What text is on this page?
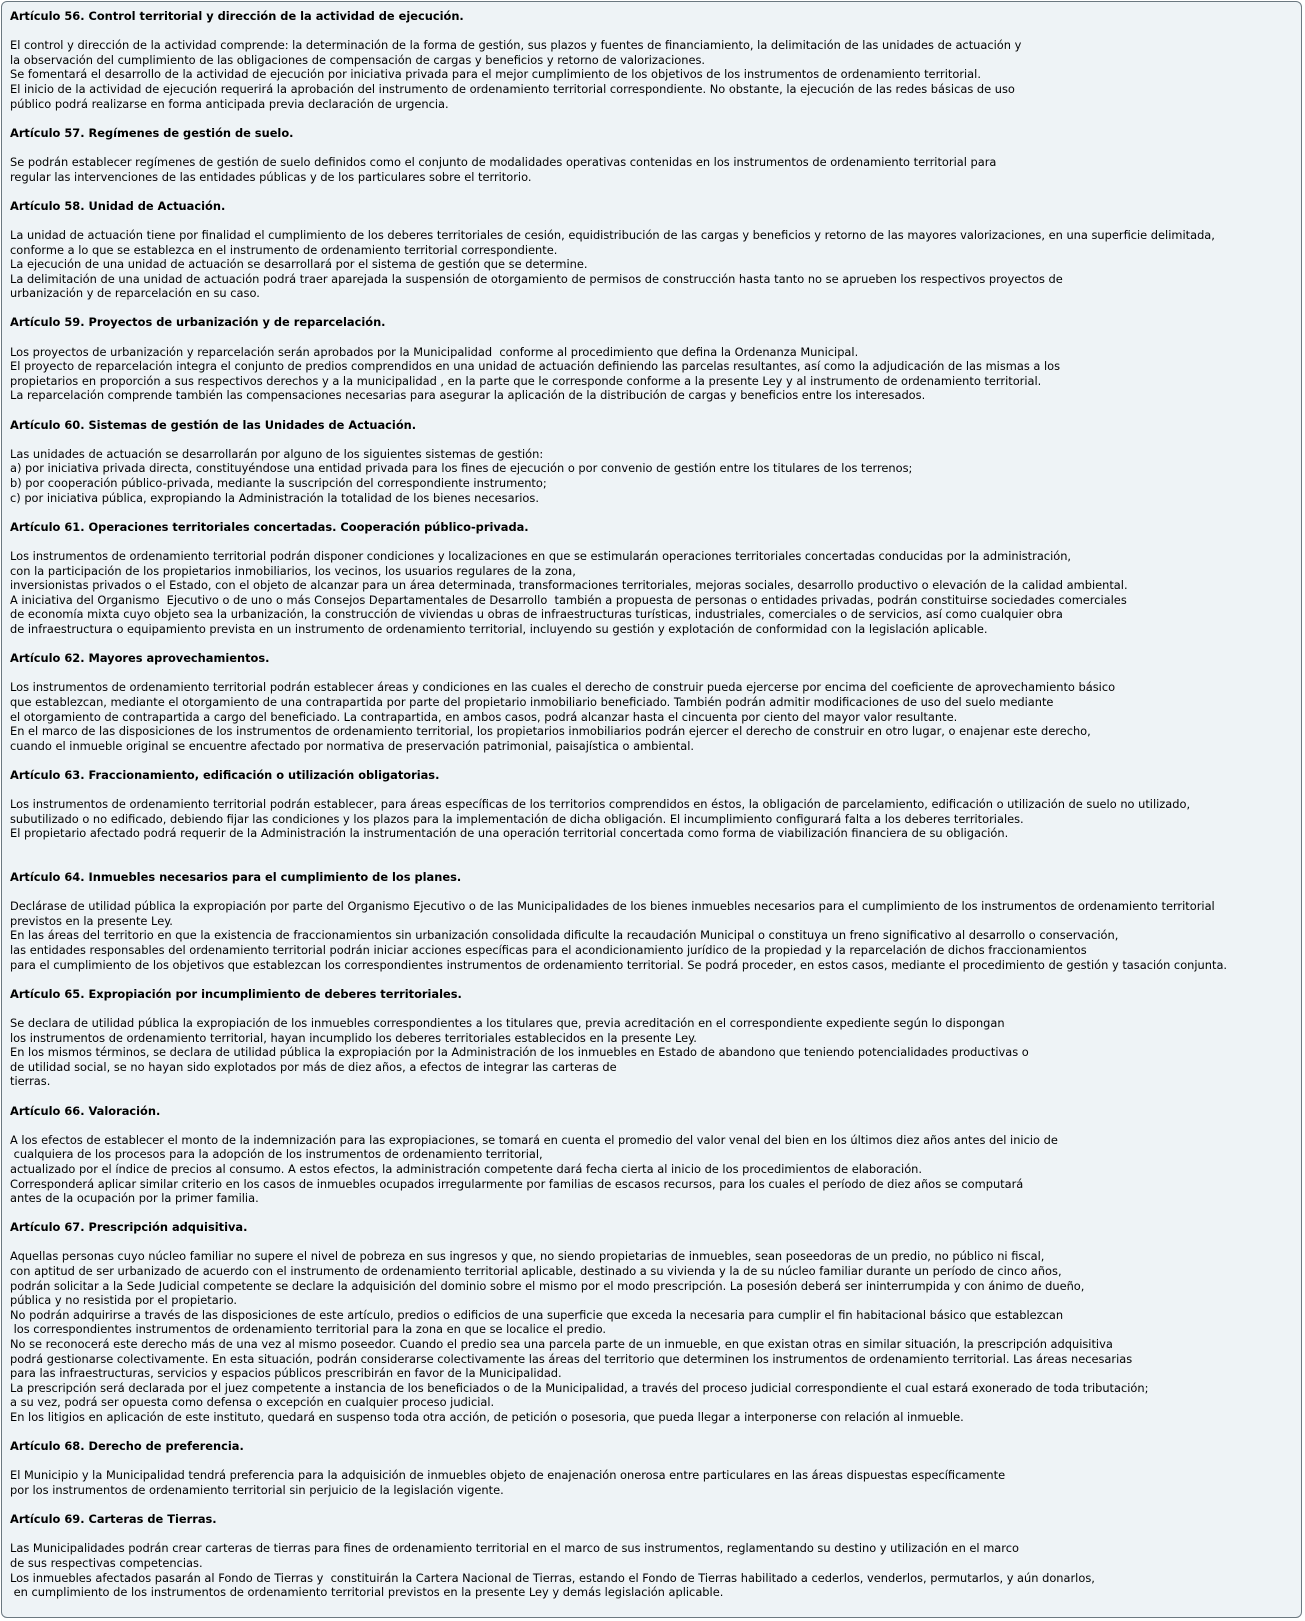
Artículo 56. Control territorial y dirección de la actividad de ejecución.
El control y dirección de la actividad comprende: la determinación de la forma de gestión, sus plazos y fuentes de financiamiento, la delimitación de las unidades de actuación y
la observación del cumplimiento de las obligaciones de compensación de cargas y beneficios y retorno de valorizaciones.
Se fomentará el desarrollo de la actividad de ejecución por iniciativa privada para el mejor cumplimiento de los objetivos de los instrumentos de ordenamiento territorial.
El inicio de la actividad de ejecución requerirá la aprobación del instrumento de ordenamiento territorial correspondiente. No obstante, la ejecución de las redes básicas de uso
público podrá realizarse en forma anticipada previa declaración de urgencia.
Artículo 57. Regímenes de gestión de suelo.
Se podrán establecer regímenes de gestión de suelo definidos como el conjunto de modalidades operativas contenidas en los instrumentos de ordenamiento territorial para
regular las intervenciones de las entidades públicas y de los particulares sobre el territorio.
Artículo 58. Unidad de Actuación.
La unidad de actuación tiene por finalidad el cumplimiento de los deberes territoriales de cesión, equidistribución de las cargas y beneficios y retorno de las mayores valorizaciones, en una superficie delimitada,
conforme a lo que se establezca en el instrumento de ordenamiento territorial correspondiente.
La ejecución de una unidad de actuación se desarrollará por el sistema de gestión que se determine.
La delimitación de una unidad de actuación podrá traer aparejada la suspensión de otorgamiento de permisos de construcción hasta tanto no se aprueben los respectivos proyectos de
urbanización y de reparcelación en su caso.
Artículo 59. Proyectos de urbanización y de reparcelación.
Los proyectos de urbanización y reparcelación serán aprobados por la Municipalidad  conforme al procedimiento que defina la Ordenanza Municipal.
El proyecto de reparcelación integra el conjunto de predios comprendidos en una unidad de actuación definiendo las parcelas resultantes, así como la adjudicación de las mismas a los
propietarios en proporción a sus respectivos derechos y a la municipalidad , en la parte que le corresponde conforme a la presente Ley y al instrumento de ordenamiento territorial.
La reparcelación comprende también las compensaciones necesarias para asegurar la aplicación de la distribución de cargas y beneficios entre los interesados.
Artículo 60. Sistemas de gestión de las Unidades de Actuación.
Las unidades de actuación se desarrollarán por alguno de los siguientes sistemas de gestión:
a) por iniciativa privada directa, constituyéndose una entidad privada para los fines de ejecución o por convenio de gestión entre los titulares de los terrenos;
b) por cooperación público-privada, mediante la suscripción del correspondiente instrumento;
c) por iniciativa pública, expropiando la Administración la totalidad de los bienes necesarios.
Artículo 61. Operaciones territoriales concertadas. Cooperación público-privada.
Los instrumentos de ordenamiento territorial podrán disponer condiciones y localizaciones en que se estimularán operaciones territoriales concertadas conducidas por la administración,
con la participación de los propietarios inmobiliarios, los vecinos, los usuarios regulares de la zona,
inversionistas privados o el Estado, con el objeto de alcanzar para un área determinada, transformaciones territoriales, mejoras sociales, desarrollo productivo o elevación de la calidad ambiental.
A iniciativa del Organismo  Ejecutivo o de uno o más Consejos Departamentales de Desarrollo  también a propuesta de personas o entidades privadas, podrán constituirse sociedades comerciales
de economía mixta cuyo objeto sea la urbanización, la construcción de viviendas u obras de infraestructuras turísticas, industriales, comerciales o de servicios, así como cualquier obra
de infraestructura o equipamiento prevista en un instrumento de ordenamiento territorial, incluyendo su gestión y explotación de conformidad con la legislación aplicable.
Artículo 62. Mayores aprovechamientos.
Los instrumentos de ordenamiento territorial podrán establecer áreas y condiciones en las cuales el derecho de construir pueda ejercerse por encima del coeficiente de aprovechamiento básico
que establezcan, mediante el otorgamiento de una contrapartida por parte del propietario inmobiliario beneficiado. También podrán admitir modificaciones de uso del suelo mediante
el otorgamiento de contrapartida a cargo del beneficiado. La contrapartida, en ambos casos, podrá alcanzar hasta el cincuenta por ciento del mayor valor resultante.
En el marco de las disposiciones de los instrumentos de ordenamiento territorial, los propietarios inmobiliarios podrán ejercer el derecho de construir en otro lugar, o enajenar este derecho,
cuando el inmueble original se encuentre afectado por normativa de preservación patrimonial, paisajística o ambiental.
Artículo 63. Fraccionamiento, edificación o utilización obligatorias.
Los instrumentos de ordenamiento territorial podrán establecer, para áreas específicas de los territorios comprendidos en éstos, la obligación de parcelamiento, edificación o utilización de suelo no utilizado,
subutilizado o no edificado, debiendo fijar las condiciones y los plazos para la implementación de dicha obligación. El incumplimiento configurará falta a los deberes territoriales.
El propietario afectado podrá requerir de la Administración la instrumentación de una operación territorial concertada como forma de viabilización financiera de su obligación.
Artículo 64. Inmuebles necesarios para el cumplimiento de los planes.
Declárase de utilidad pública la expropiación por parte del Organismo Ejecutivo o de las Municipalidades de los bienes inmuebles necesarios para el cumplimiento de los instrumentos de ordenamiento territorial
previstos en la presente Ley.
En las áreas del territorio en que la existencia de fraccionamientos sin urbanización consolidada dificulte la recaudación Municipal o constituya un freno significativo al desarrollo o conservación,
las entidades responsables del ordenamiento territorial podrán iniciar acciones específicas para el acondicionamiento jurídico de la propiedad y la reparcelación de dichos fraccionamientos
para el cumplimiento de los objetivos que establezcan los correspondientes instrumentos de ordenamiento territorial. Se podrá proceder, en estos casos, mediante el procedimiento de gestión y tasación conjunta.
Artículo 65. Expropiación por incumplimiento de deberes territoriales.
Se declara de utilidad pública la expropiación de los inmuebles correspondientes a los titulares que, previa acreditación en el correspondiente expediente según lo dispongan
los instrumentos de ordenamiento territorial, hayan incumplido los deberes territoriales establecidos en la presente Ley.
En los mismos términos, se declara de utilidad pública la expropiación por la Administración de los inmuebles en Estado de abandono que teniendo potencialidades productivas o
de utilidad social, se no hayan sido explotados por más de diez años, a efectos de integrar las carteras de
tierras.
Artículo 66. Valoración.
A los efectos de establecer el monto de la indemnización para las expropiaciones, se tomará en cuenta el promedio del valor venal del bien en los últimos diez años antes del inicio de
cualquiera de los procesos para la adopción de los instrumentos de ordenamiento territorial,
actualizado por el índice de precios al consumo. A estos efectos, la administración competente dará fecha cierta al inicio de los procedimientos de elaboración.
Corresponderá aplicar similar criterio en los casos de inmuebles ocupados irregularmente por familias de escasos recursos, para los cuales el período de diez años se computará
antes de la ocupación por la primer familia.
Artículo 67. Prescripción adquisitiva.
Aquellas personas cuyo núcleo familiar no supere el nivel de pobreza en sus ingresos y que, no siendo propietarias de inmuebles, sean poseedoras de un predio, no público ni fiscal,
con aptitud de ser urbanizado de acuerdo con el instrumento de ordenamiento territorial aplicable, destinado a su vivienda y la de su núcleo familiar durante un período de cinco años,
podrán solicitar a la Sede Judicial competente se declare la adquisición del dominio sobre el mismo por el modo prescripción. La posesión deberá ser ininterrumpida y con ánimo de dueño,
pública y no resistida por el propietario.
No podrán adquirirse a través de las disposiciones de este artículo, predios o edificios de una superficie que exceda la necesaria para cumplir el fin habitacional básico que establezcan
los correspondientes instrumentos de ordenamiento territorial para la zona en que se localice el predio.
No se reconocerá este derecho más de una vez al mismo poseedor. Cuando el predio sea una parcela parte de un inmueble, en que existan otras en similar situación, la prescripción adquisitiva
podrá gestionarse colectivamente. En esta situación, podrán considerarse colectivamente las áreas del territorio que determinen los instrumentos de ordenamiento territorial. Las áreas necesarias
para las infraestructuras, servicios y espacios públicos prescribirán en favor de la Municipalidad.
La prescripción será declarada por el juez competente a instancia de los beneficiados o de la Municipalidad, a través del proceso judicial correspondiente el cual estará exonerado de toda tributación;
a su vez, podrá ser opuesta como defensa o excepción en cualquier proceso judicial.
En los litigios en aplicación de este instituto, quedará en suspenso toda otra acción, de petición o posesoria, que pueda llegar a interponerse con relación al inmueble.
Artículo 68. Derecho de preferencia.
El Municipio y la Municipalidad tendrá preferencia para la adquisición de inmuebles objeto de enajenación onerosa entre particulares en las áreas dispuestas específicamente
por los instrumentos de ordenamiento territorial sin perjuicio de la legislación vigente.
Artículo 69. Carteras de Tierras.
Las Municipalidades podrán crear carteras de tierras para fines de ordenamiento territorial en el marco de sus instrumentos, reglamentando su destino y utilización en el marco
de sus respectivas competencias.
Los inmuebles afectados pasarán al Fondo de Tierras y  constituirán la Cartera Nacional de Tierras, estando el Fondo de Tierras habilitado a cederlos, venderlos, permutarlos, y aún donarlos,
en cumplimiento de los instrumentos de ordenamiento territorial previstos en la presente Ley y demás legislación aplicable.
